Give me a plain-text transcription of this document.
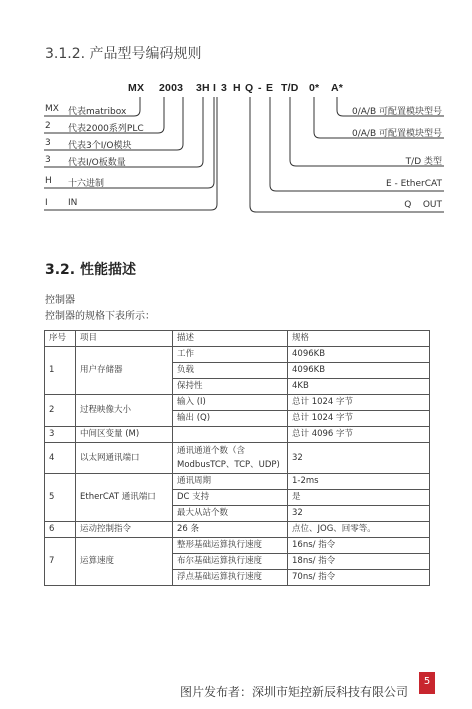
3.1.2. 产品型号编码规则
MX 2003 3H I 3 H Q - E T/D 0* A*
MX 代表matribox
2 代表2000系列PLC
3 代表3个I/O模块
3 代表I/O板数量
H 十六进制
I IN
0/A/B 可配置模块型号
0/A/B 可配置模块型号
T/D 类型
E - EtherCAT
Q    OUT
3.2. 性能描述
控制器
控制器的规格下表所示：
序号	项目	描述	规格
1	用户存储器	工作	4096KB
		负载	4096KB
		保持性	4KB
2	过程映像大小	输入 (I)	总计 1024 字节
		输出 (Q)	总计 1024 字节
3	中间区变量 (M)		总计 4096 字节
4	以太网通讯端口	通讯通道个数（含 ModbusTCP、TCP、UDP)	32
5	EtherCAT 通讯端口	通讯周期	1-2ms
		DC 支持	是
		最大从站个数	32
6	运动控制指令	26 条	点位、JOG、回零等。
7	运算速度	整形基础运算执行速度	16ns/ 指令
		布尔基础运算执行速度	18ns/ 指令
		浮点基础运算执行速度	70ns/ 指令
5
图片发布者：深圳市矩控新辰科技有限公司
